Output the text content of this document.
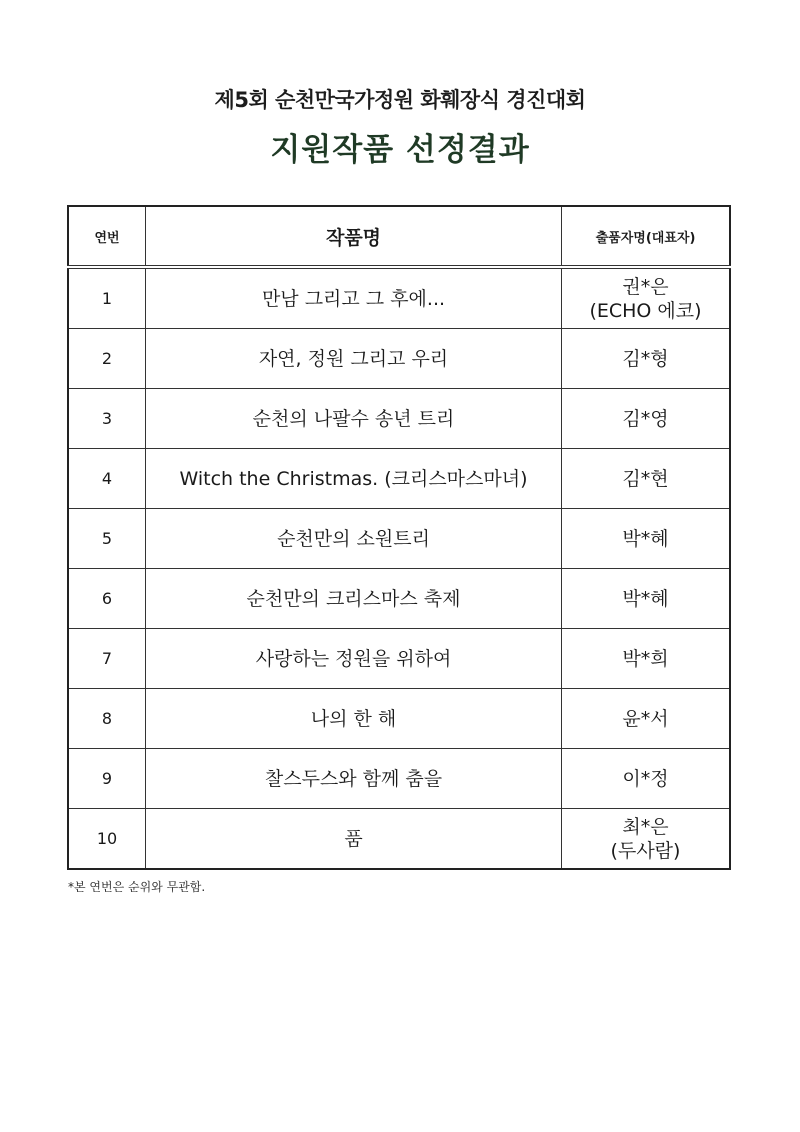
제5회 순천만국가정원 화훼장식 경진대회
지원작품 선정결과
연번	작품명	출품자명(대표자)
1	만남 그리고 그 후에...	권*은
(ECHO 에코)

2	자연, 정원 그리고 우리	김*형

3	순천의 나팔수 송년 트리	김*영

4	Witch the Christmas. (크리스마스마녀)	김*현

5	순천만의 소원트리	박*혜

6	순천만의 크리스마스 축제	박*혜

7	사랑하는 정원을 위하여	박*희

8	나의 한 해	윤*서

9	찰스두스와 함께 춤을	이*정

10	품	최*은
(두사람)
*본 연번은 순위와 무관함.
